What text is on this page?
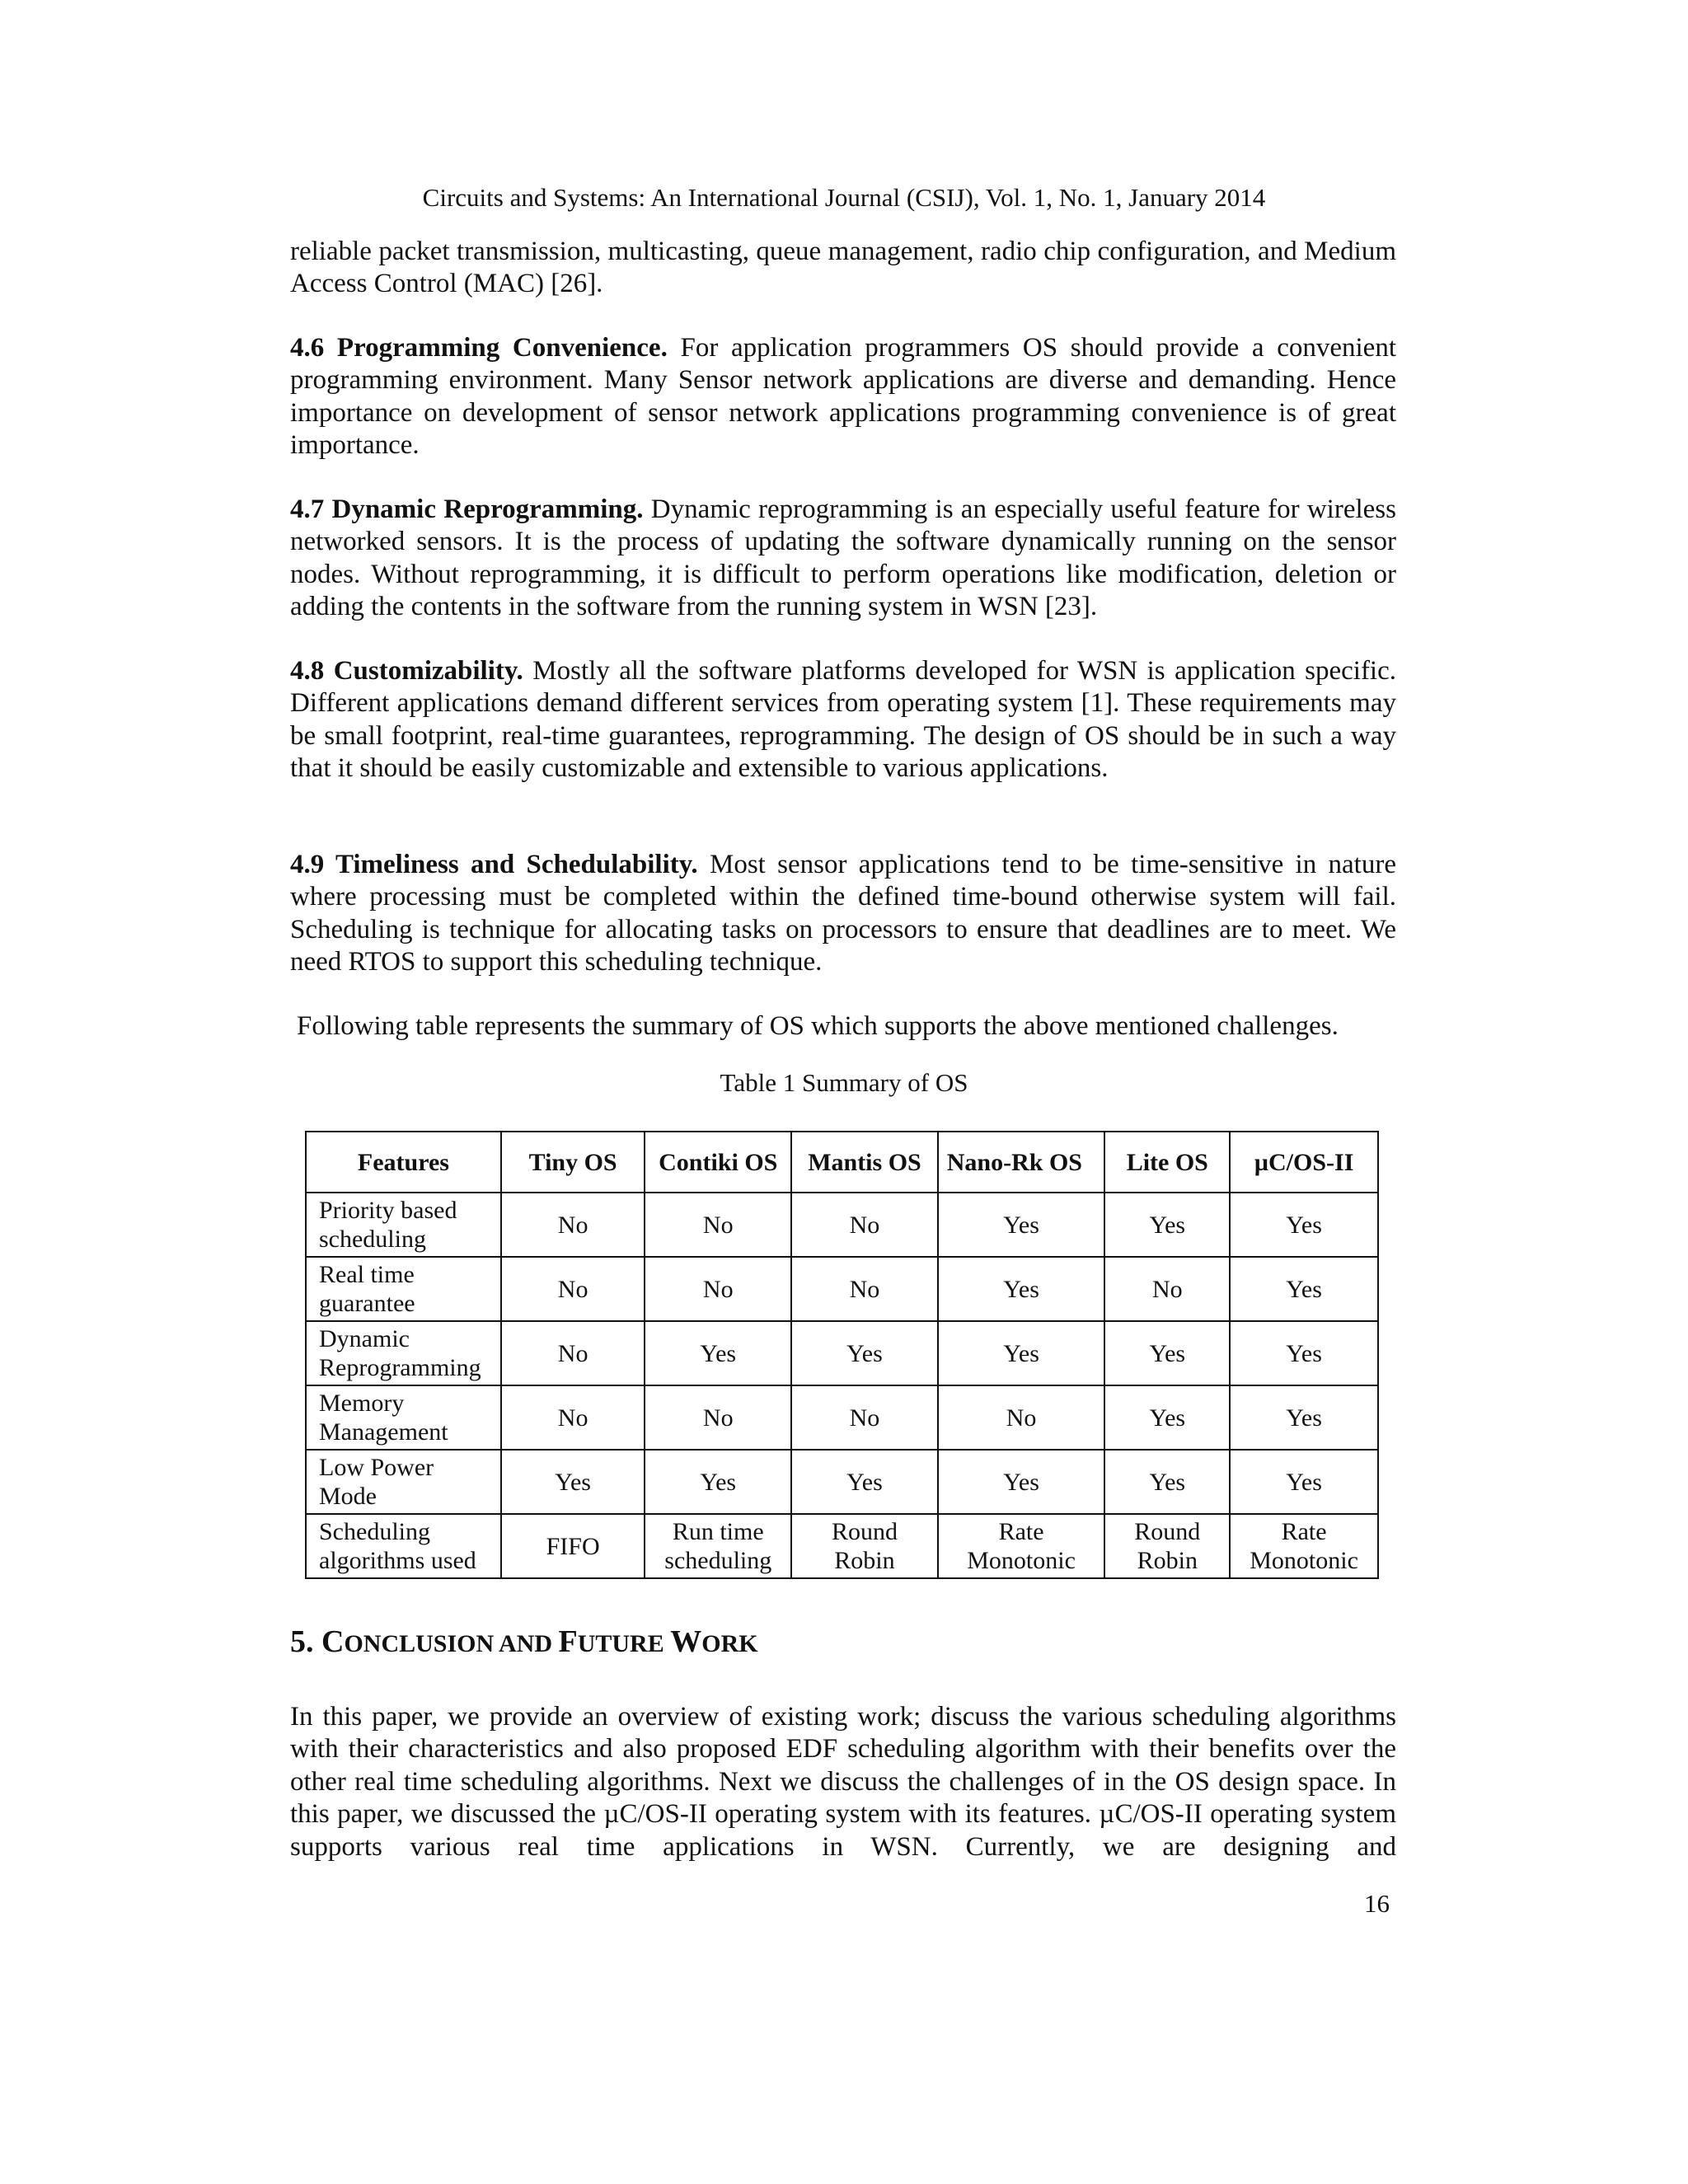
Circuits and Systems: An International Journal (CSIJ), Vol. 1, No. 1, January 2014

reliable packet transmission, multicasting, queue management, radio chip configuration, and Medium Access Control (MAC) [26].

4.6 Programming Convenience. For application programmers OS should provide a convenient programming environment. Many Sensor network applications are diverse and demanding. Hence importance on development of sensor network applications programming convenience is of great importance.

4.7 Dynamic Reprogramming. Dynamic reprogramming is an especially useful feature for wireless networked sensors. It is the process of updating the software dynamically running on the sensor nodes. Without reprogramming, it is difficult to perform operations like modification, deletion or adding the contents in the software from the running system in WSN [23].

4.8 Customizability. Mostly all the software platforms developed for WSN is application specific. Different applications demand different services from operating system [1]. These requirements may be small footprint, real-time guarantees, reprogramming. The design of OS should be in such a way that it should be easily customizable and extensible to various applications.

4.9 Timeliness and Schedulability. Most sensor applications tend to be time-sensitive in nature where processing must be completed within the defined time-bound otherwise system will fail. Scheduling is technique for allocating tasks on processors to ensure that deadlines are to meet. We need RTOS to support this scheduling technique.

Following table represents the summary of OS which supports the above mentioned challenges.
Table 1 Summary of OS
Features	Tiny OS	Contiki OS	Mantis OS	Nano-Rk OS	Lite OS	µC/OS-II
Priority based scheduling	No	No	No	Yes	Yes	Yes
Real time guarantee	No	No	No	Yes	No	Yes
Dynamic Reprogramming	No	Yes	Yes	Yes	Yes	Yes
Memory Management	No	No	No	No	Yes	Yes
Low Power Mode	Yes	Yes	Yes	Yes	Yes	Yes
Scheduling algorithms used	FIFO	Run time scheduling	Round Robin	Rate Monotonic	Round Robin	Rate Monotonic
5. CONCLUSION AND FUTURE WORK

In this paper, we provide an overview of existing work; discuss the various scheduling algorithms with their characteristics and also proposed EDF scheduling algorithm with their benefits over the other real time scheduling algorithms. Next we discuss the challenges of in the OS design space. In this paper, we discussed the µC/OS-II operating system with its features. µC/OS-II operating system supports various real time applications in WSN. Currently, we are designing and

16
